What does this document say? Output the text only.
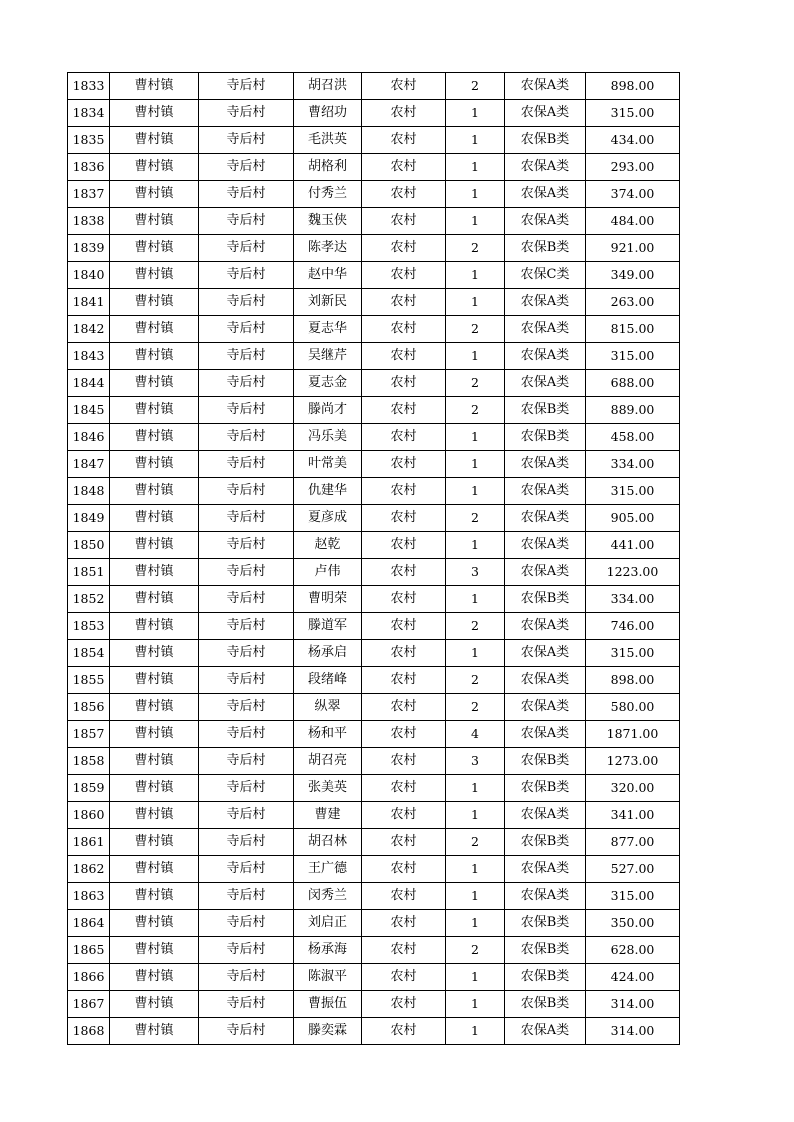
1833	曹村镇	寺后村	胡召洪	农村	2	农保A类	898.00
1834	曹村镇	寺后村	曹绍功	农村	1	农保A类	315.00
1835	曹村镇	寺后村	毛洪英	农村	1	农保B类	434.00
1836	曹村镇	寺后村	胡格利	农村	1	农保A类	293.00
1837	曹村镇	寺后村	付秀兰	农村	1	农保A类	374.00
1838	曹村镇	寺后村	魏玉侠	农村	1	农保A类	484.00
1839	曹村镇	寺后村	陈孝达	农村	2	农保B类	921.00
1840	曹村镇	寺后村	赵中华	农村	1	农保C类	349.00
1841	曹村镇	寺后村	刘新民	农村	1	农保A类	263.00
1842	曹村镇	寺后村	夏志华	农村	2	农保A类	815.00
1843	曹村镇	寺后村	吴继芹	农村	1	农保A类	315.00
1844	曹村镇	寺后村	夏志金	农村	2	农保A类	688.00
1845	曹村镇	寺后村	滕尚才	农村	2	农保B类	889.00
1846	曹村镇	寺后村	冯乐美	农村	1	农保B类	458.00
1847	曹村镇	寺后村	叶常美	农村	1	农保A类	334.00
1848	曹村镇	寺后村	仇建华	农村	1	农保A类	315.00
1849	曹村镇	寺后村	夏彦成	农村	2	农保A类	905.00
1850	曹村镇	寺后村	赵乾	农村	1	农保A类	441.00
1851	曹村镇	寺后村	卢伟	农村	3	农保A类	1223.00
1852	曹村镇	寺后村	曹明荣	农村	1	农保B类	334.00
1853	曹村镇	寺后村	滕道军	农村	2	农保A类	746.00
1854	曹村镇	寺后村	杨承启	农村	1	农保A类	315.00
1855	曹村镇	寺后村	段绪峰	农村	2	农保A类	898.00
1856	曹村镇	寺后村	纵翠	农村	2	农保A类	580.00
1857	曹村镇	寺后村	杨和平	农村	4	农保A类	1871.00
1858	曹村镇	寺后村	胡召亮	农村	3	农保B类	1273.00
1859	曹村镇	寺后村	张美英	农村	1	农保B类	320.00
1860	曹村镇	寺后村	曹建	农村	1	农保A类	341.00
1861	曹村镇	寺后村	胡召林	农村	2	农保B类	877.00
1862	曹村镇	寺后村	王广德	农村	1	农保A类	527.00
1863	曹村镇	寺后村	闵秀兰	农村	1	农保A类	315.00
1864	曹村镇	寺后村	刘启正	农村	1	农保B类	350.00
1865	曹村镇	寺后村	杨承海	农村	2	农保B类	628.00
1866	曹村镇	寺后村	陈淑平	农村	1	农保B类	424.00
1867	曹村镇	寺后村	曹振伍	农村	1	农保B类	314.00
1868	曹村镇	寺后村	滕奕霖	农村	1	农保A类	314.00
